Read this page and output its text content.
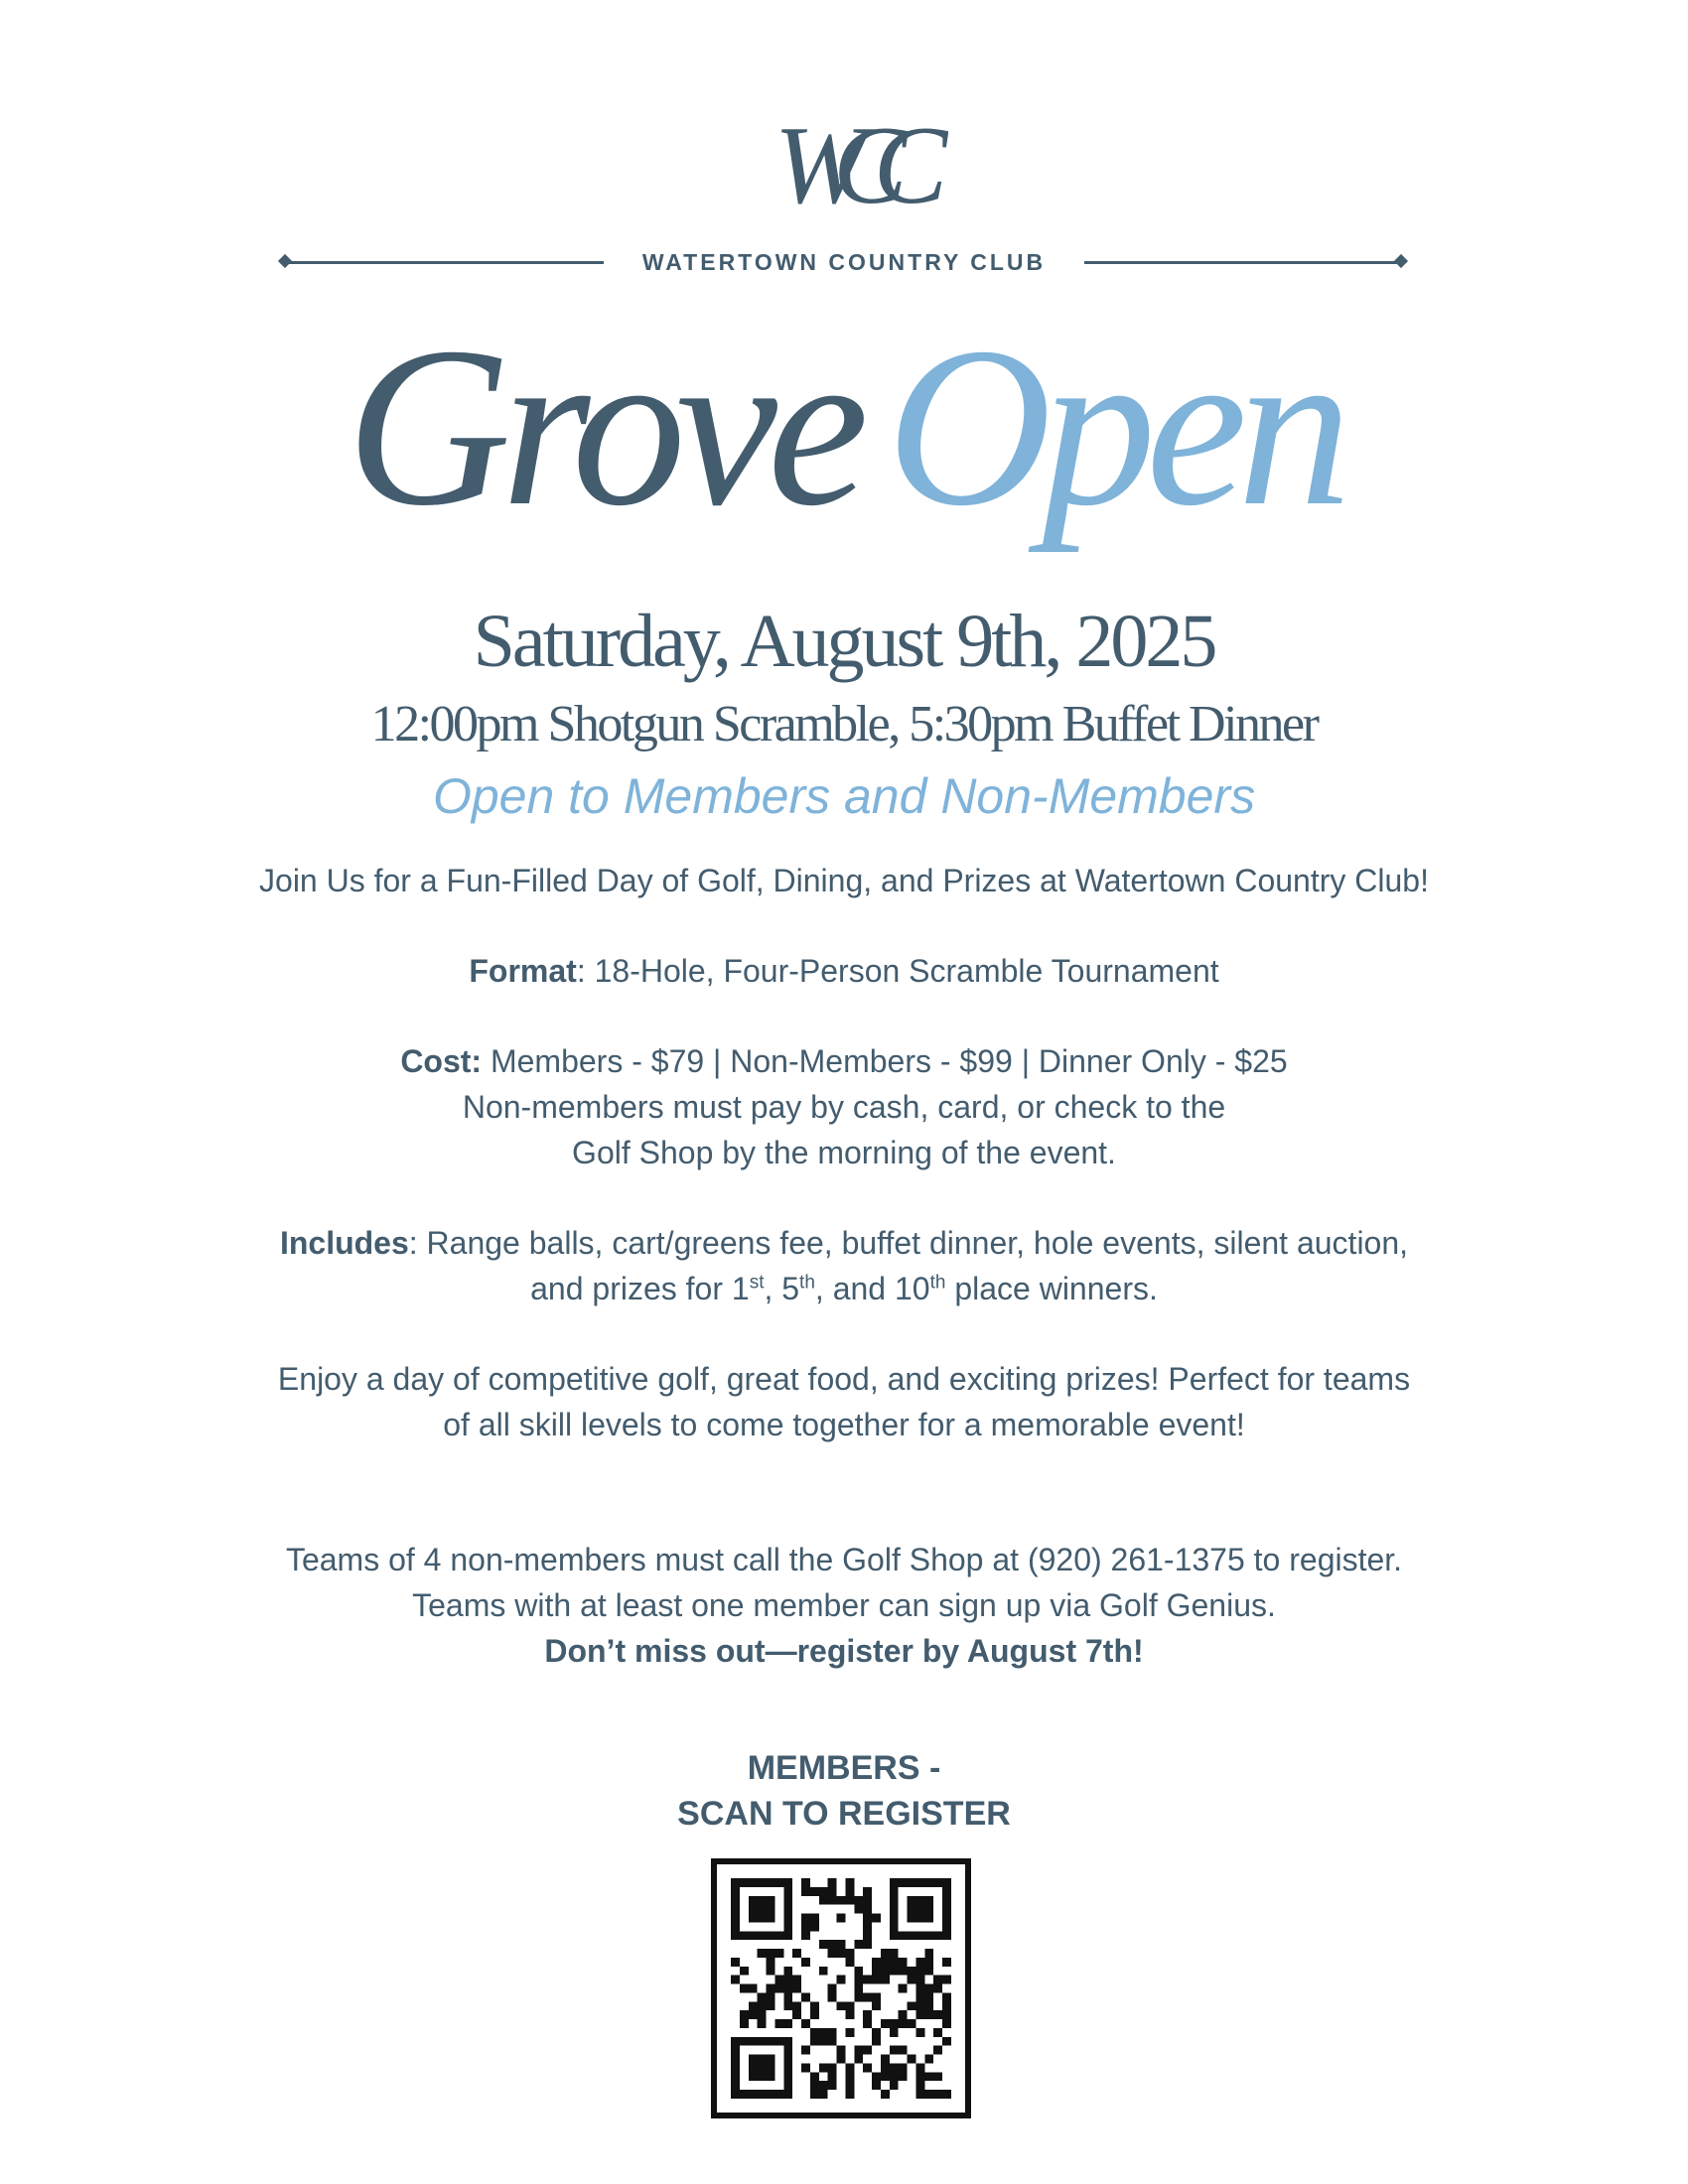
WCC
WATERTOWN COUNTRY CLUB
Grove Open
Saturday, August 9th, 2025
12:00pm Shotgun Scramble, 5:30pm Buffet Dinner
Open to Members and Non-Members
Join Us for a Fun-Filled Day of Golf, Dining, and Prizes at Watertown Country Club!
Format: 18-Hole, Four-Person Scramble Tournament
Cost: Members - $79 | Non-Members - $99 | Dinner Only - $25
Non-members must pay by cash, card, or check to the
Golf Shop by the morning of the event.
Includes: Range balls, cart/greens fee, buffet dinner, hole events, silent auction,
and prizes for 1st, 5th, and 10th place winners.
Enjoy a day of competitive golf, great food, and exciting prizes! Perfect for teams
of all skill levels to come together for a memorable event!
Teams of 4 non-members must call the Golf Shop at (920) 261-1375 to register.
Teams with at least one member can sign up via Golf Genius.
Don’t miss out—register by August 7th!
MEMBERS -
SCAN TO REGISTER
